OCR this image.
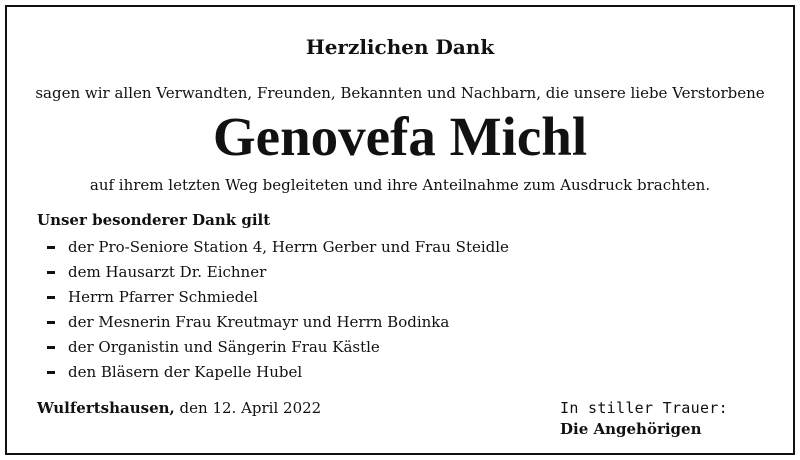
Herzlichen Dank
sagen wir allen Verwandten, Freunden, Bekannten und Nachbarn, die unsere liebe Verstorbene
Genovefa Michl
auf ihrem letzten Weg begleiteten und ihre Anteilnahme zum Ausdruck brachten.
Unser besonderer Dank gilt
der Pro-Seniore Station 4, Herrn Gerber und Frau Steidle
dem Hausarzt Dr. Eichner
Herrn Pfarrer Schmiedel
der Mesnerin Frau Kreutmayr und Herrn Bodinka
der Organistin und Sängerin Frau Kästle
den Bläsern der Kapelle Hubel
Wulfertshausen, den 12. April 2022	In stiller Trauer:
Die Angehörigen
